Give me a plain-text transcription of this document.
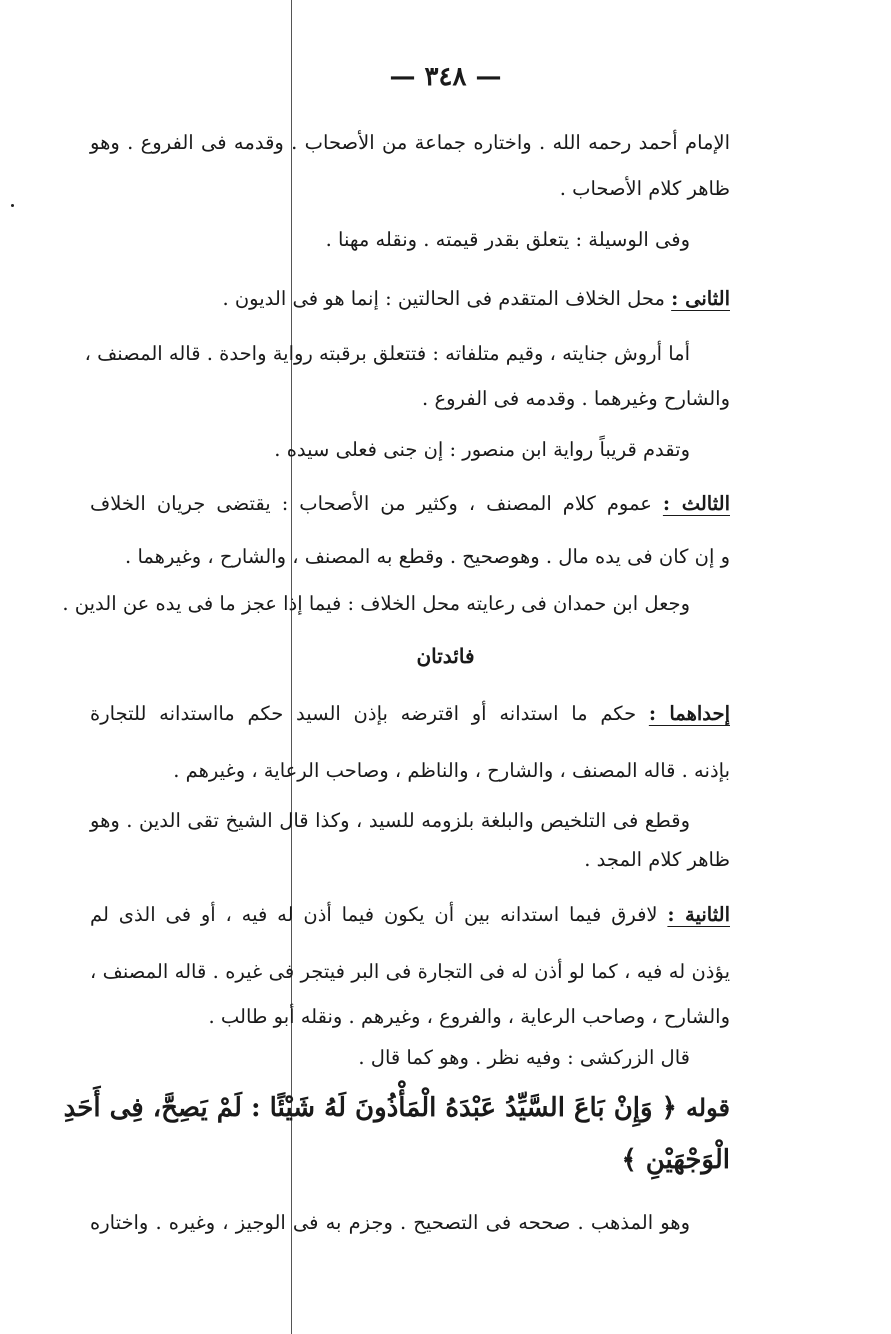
— ٣٤٨ —
الإمام أحمد رحمه الله . واختاره جماعة من الأصحاب . وقدمه فى الفروع . وهو
ظاهر كلام الأصحاب .
وفى الوسيلة : يتعلق بقدر قيمته . ونقله مهنا .
الثانى : محل الخلاف المتقدم فى الحالتين : إنما هو فى الديون .
أما أروش جنايته ، وقيم متلفاته : فتتعلق برقبته رواية واحدة . قاله المصنف ،
والشارح وغيرهما . وقدمه فى الفروع .
وتقدم قريباً رواية ابن منصور : إن جنى فعلى سيده .
الثالث : عموم كلام المصنف ، وكثير من الأصحاب : يقتضى جريان الخلاف
و إن كان فى يده مال . وهوصحيح . وقطع به المصنف ، والشارح ، وغيرهما .
وجعل ابن حمدان فى رعايته محل الخلاف : فيما إذا عجز ما فى يده عن الدين .
فائدتان
إحداهما : حكم ما استدانه أو اقترضه بإذن السيد حكم مااستدانه للتجارة
بإذنه . قاله المصنف ، والشارح ، والناظم ، وصاحب الرعاية ، وغيرهم .
وقطع فى التلخيص والبلغة بلزومه للسيد ، وكذا قال الشيخ تقى الدين . وهو
ظاهر كلام المجد .
الثانية : لافرق فيما استدانه بين أن يكون فيما أذن له فيه ، أو فى الذى لم
يؤذن له فيه ، كما لو أذن له فى التجارة فى البر فيتجر فى غيره . قاله المصنف ،
والشارح ، وصاحب الرعاية ، والفروع ، وغيرهم . ونقله أبو طالب .
قال الزركشى : وفيه نظر . وهو كما قال .
قوله ﴿ وَإِنْ بَاعَ السَّيِّدُ عَبْدَهُ الْمَأْذُونَ لَهُ شَيْئًا : لَمْ يَصِحَّ، فِى أَحَدِ
الْوَجْهَيْنِ ﴾
وهو المذهب . صححه فى التصحيح . وجزم به فى الوجيز ، وغيره . واختاره
